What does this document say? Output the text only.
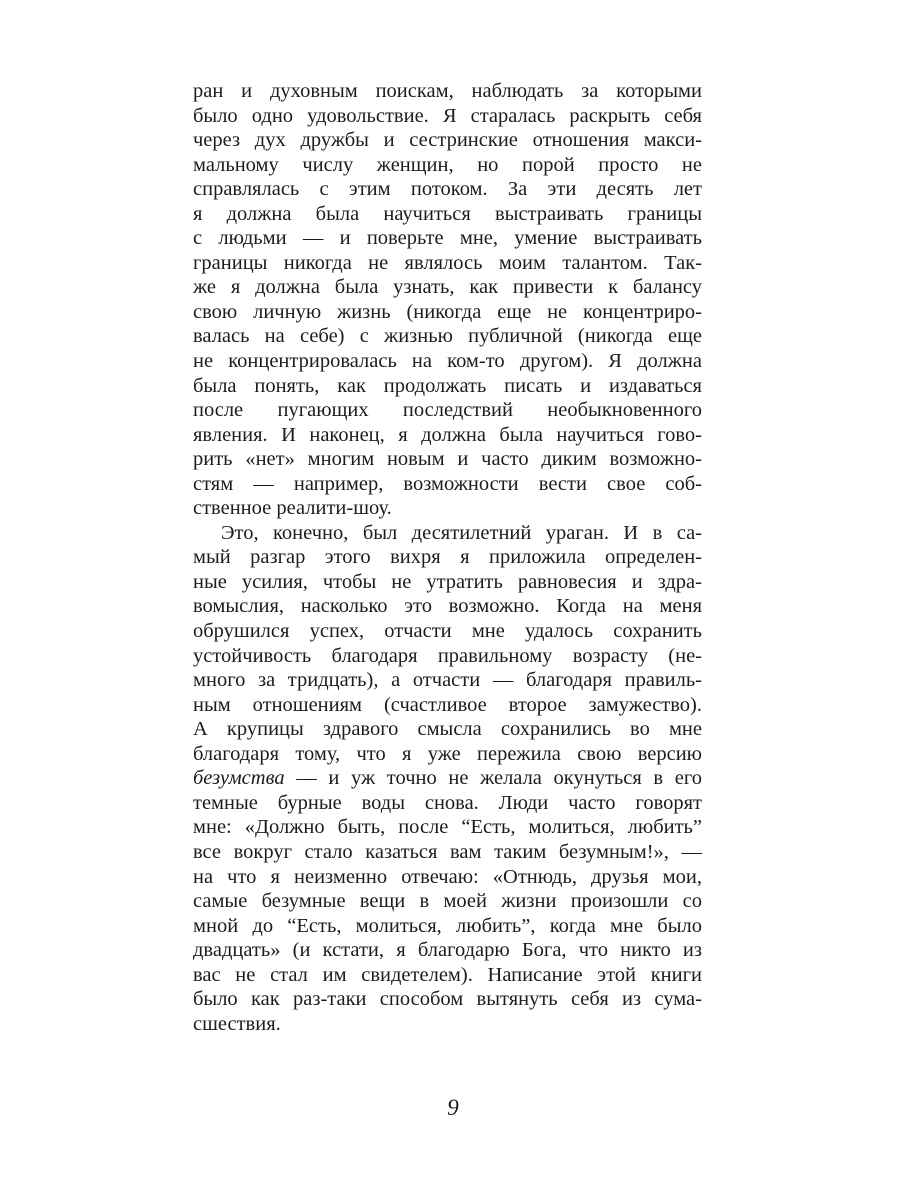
ран и духовным поискам, наблюдать за которыми
было одно удовольствие. Я старалась раскрыть себя
через дух дружбы и сестринские отношения макси-
мальному числу женщин, но порой просто не
справлялась с этим потоком. За эти десять лет
я должна была научиться выстраивать границы
с людьми — и поверьте мне, умение выстраивать
границы никогда не являлось моим талантом. Так-
же я должна была узнать, как привести к балансу
свою личную жизнь (никогда еще не концентриро-
валась на себе) с жизнью публичной (никогда еще
не концентрировалась на ком-то другом). Я должна
была понять, как продолжать писать и издаваться
после пугающих последствий необыкновенного
явления. И наконец, я должна была научиться гово-
рить «нет» многим новым и часто диким возможно-
стям — например, возможности вести свое соб-
ственное реалити-шоу.
Это, конечно, был десятилетний ураган. И в са-
мый разгар этого вихря я приложила определен-
ные усилия, чтобы не утратить равновесия и здра-
вомыслия, насколько это возможно. Когда на меня
обрушился успех, отчасти мне удалось сохранить
устойчивость благодаря правильному возрасту (не-
много за тридцать), а отчасти — благодаря правиль-
ным отношениям (счастливое второе замужество).
А крупицы здравого смысла сохранились во мне
благодаря тому, что я уже пережила свою версию
безумства — и уж точно не желала окунуться в его
темные бурные воды снова. Люди часто говорят
мне: «Должно быть, после “Есть, молиться, любить”
все вокруг стало казаться вам таким безумным!», —
на что я неизменно отвечаю: «Отнюдь, друзья мои,
самые безумные вещи в моей жизни произошли со
мной до “Есть, молиться, любить”, когда мне было
двадцать» (и кстати, я благодарю Бога, что никто из
вас не стал им свидетелем). Написание этой книги
было как раз-таки способом вытянуть себя из сума-
сшествия.
9
